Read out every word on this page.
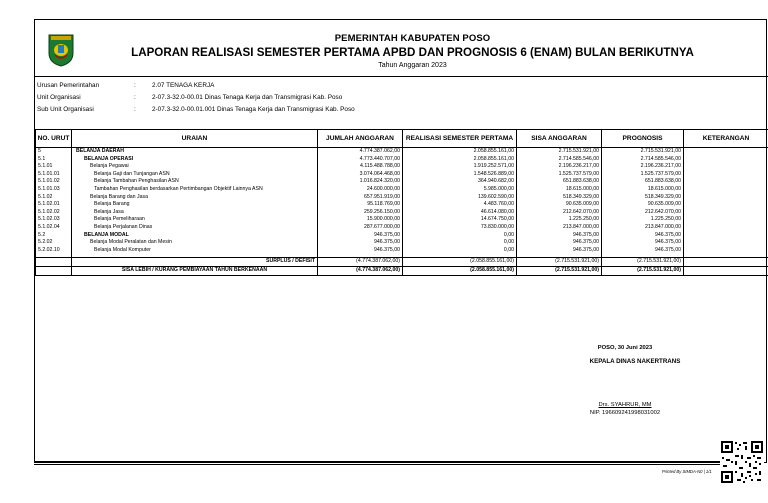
PEMERINTAH KABUPATEN POSO
LAPORAN REALISASI SEMESTER PERTAMA APBD DAN PROGNOSIS 6 (ENAM) BULAN BERIKUTNYA
Tahun Anggaran 2023
Urusan Pemerintahan	:	2.07 TENAGA KERJA
Unit Organisasi	:	2-07.3-32.0-00.01 Dinas Tenaga Kerja dan Transmigrasi Kab. Poso
Sub Unit Organisasi	:	2-07.3-32.0-00.01.001 Dinas Tenaga Kerja dan Transmigrasi Kab. Poso
NO. URUT	URAIAN	JUMLAH ANGGARAN	REALISASI SEMESTER PERTAMA	SISA ANGGARAN	PROGNOSIS	KETERANGAN
5	BELANJA DAERAH	4.774.387.062,00	2.058.855.161,00	2.715.531.921,00	2.715.531.921,00	
5.1	BELANJA OPERASI	4.773.440.707,00	2.058.855.161,00	2.714.585.546,00	2.714.585.546,00	
5.1.01	Belanja Pegawai	4.115.488.788,00	1.919.252.571,00	2.196.236.217,00	2.196.236.217,00	
5.1.01.01	Belanja Gaji dan Tunjangan ASN	3.074.064.468,00	1.548.526.889,00	1.525.737.579,00	1.525.737.579,00	
5.1.01.02	Belanja Tambahan Penghasilan ASN	1.016.824.320,00	364.940.682,00	651.883.638,00	651.883.638,00	
5.1.01.03	Tambahan Penghasilan berdasarkan Pertimbangan Objektif Lainnya ASN	24.600.000,00	5.985.000,00	18.615.000,00	18.615.000,00	
5.1.02	Belanja Barang dan Jasa	657.951.919,00	139.602.590,00	518.349.329,00	518.349.329,00	
5.1.02.01	Belanja Barang	95.118.769,00	4.483.760,00	90.635.009,00	90.635.009,00	
5.1.02.02	Belanja Jasa	259.256.150,00	46.614.080,00	212.642.070,00	212.642.070,00	
5.1.02.03	Belanja Pemeliharaan	15.900.000,00	14.674.750,00	1.225.250,00	1.225.250,00	
5.1.02.04	Belanja Perjalanan Dinas	287.677.000,00	73.830.000,00	213.847.000,00	213.847.000,00	
5.2	BELANJA MODAL	946.375,00	0,00	946.375,00	946.375,00	
5.2.02	Belanja Modal Peralatan dan Mesin	946.375,00	0,00	946.375,00	946.375,00	
5.2.02.10	Belanja Modal Komputer	946.375,00	0,00	946.375,00	946.375,00	

	SURPLUS / DEFISIT	(4.774.387.062,00)	(2.058.855.161,00)	(2.715.531.921,00)	(2.715.531.921,00)	
	SISA LEBIH / KURANG PEMBIAYAAN TAHUN BERKENAAN	(4.774.387.062,00)	(2.058.855.161,00)	(2.715.531.921,00)	(2.715.531.921,00)	
POSO, 30 Juni 2023
KEPALA DINAS NAKERTRANS
Drs. SYAHRUR, MM
NIP. 196609241998031002
Printed By SIMDA-N0 | 1/1
